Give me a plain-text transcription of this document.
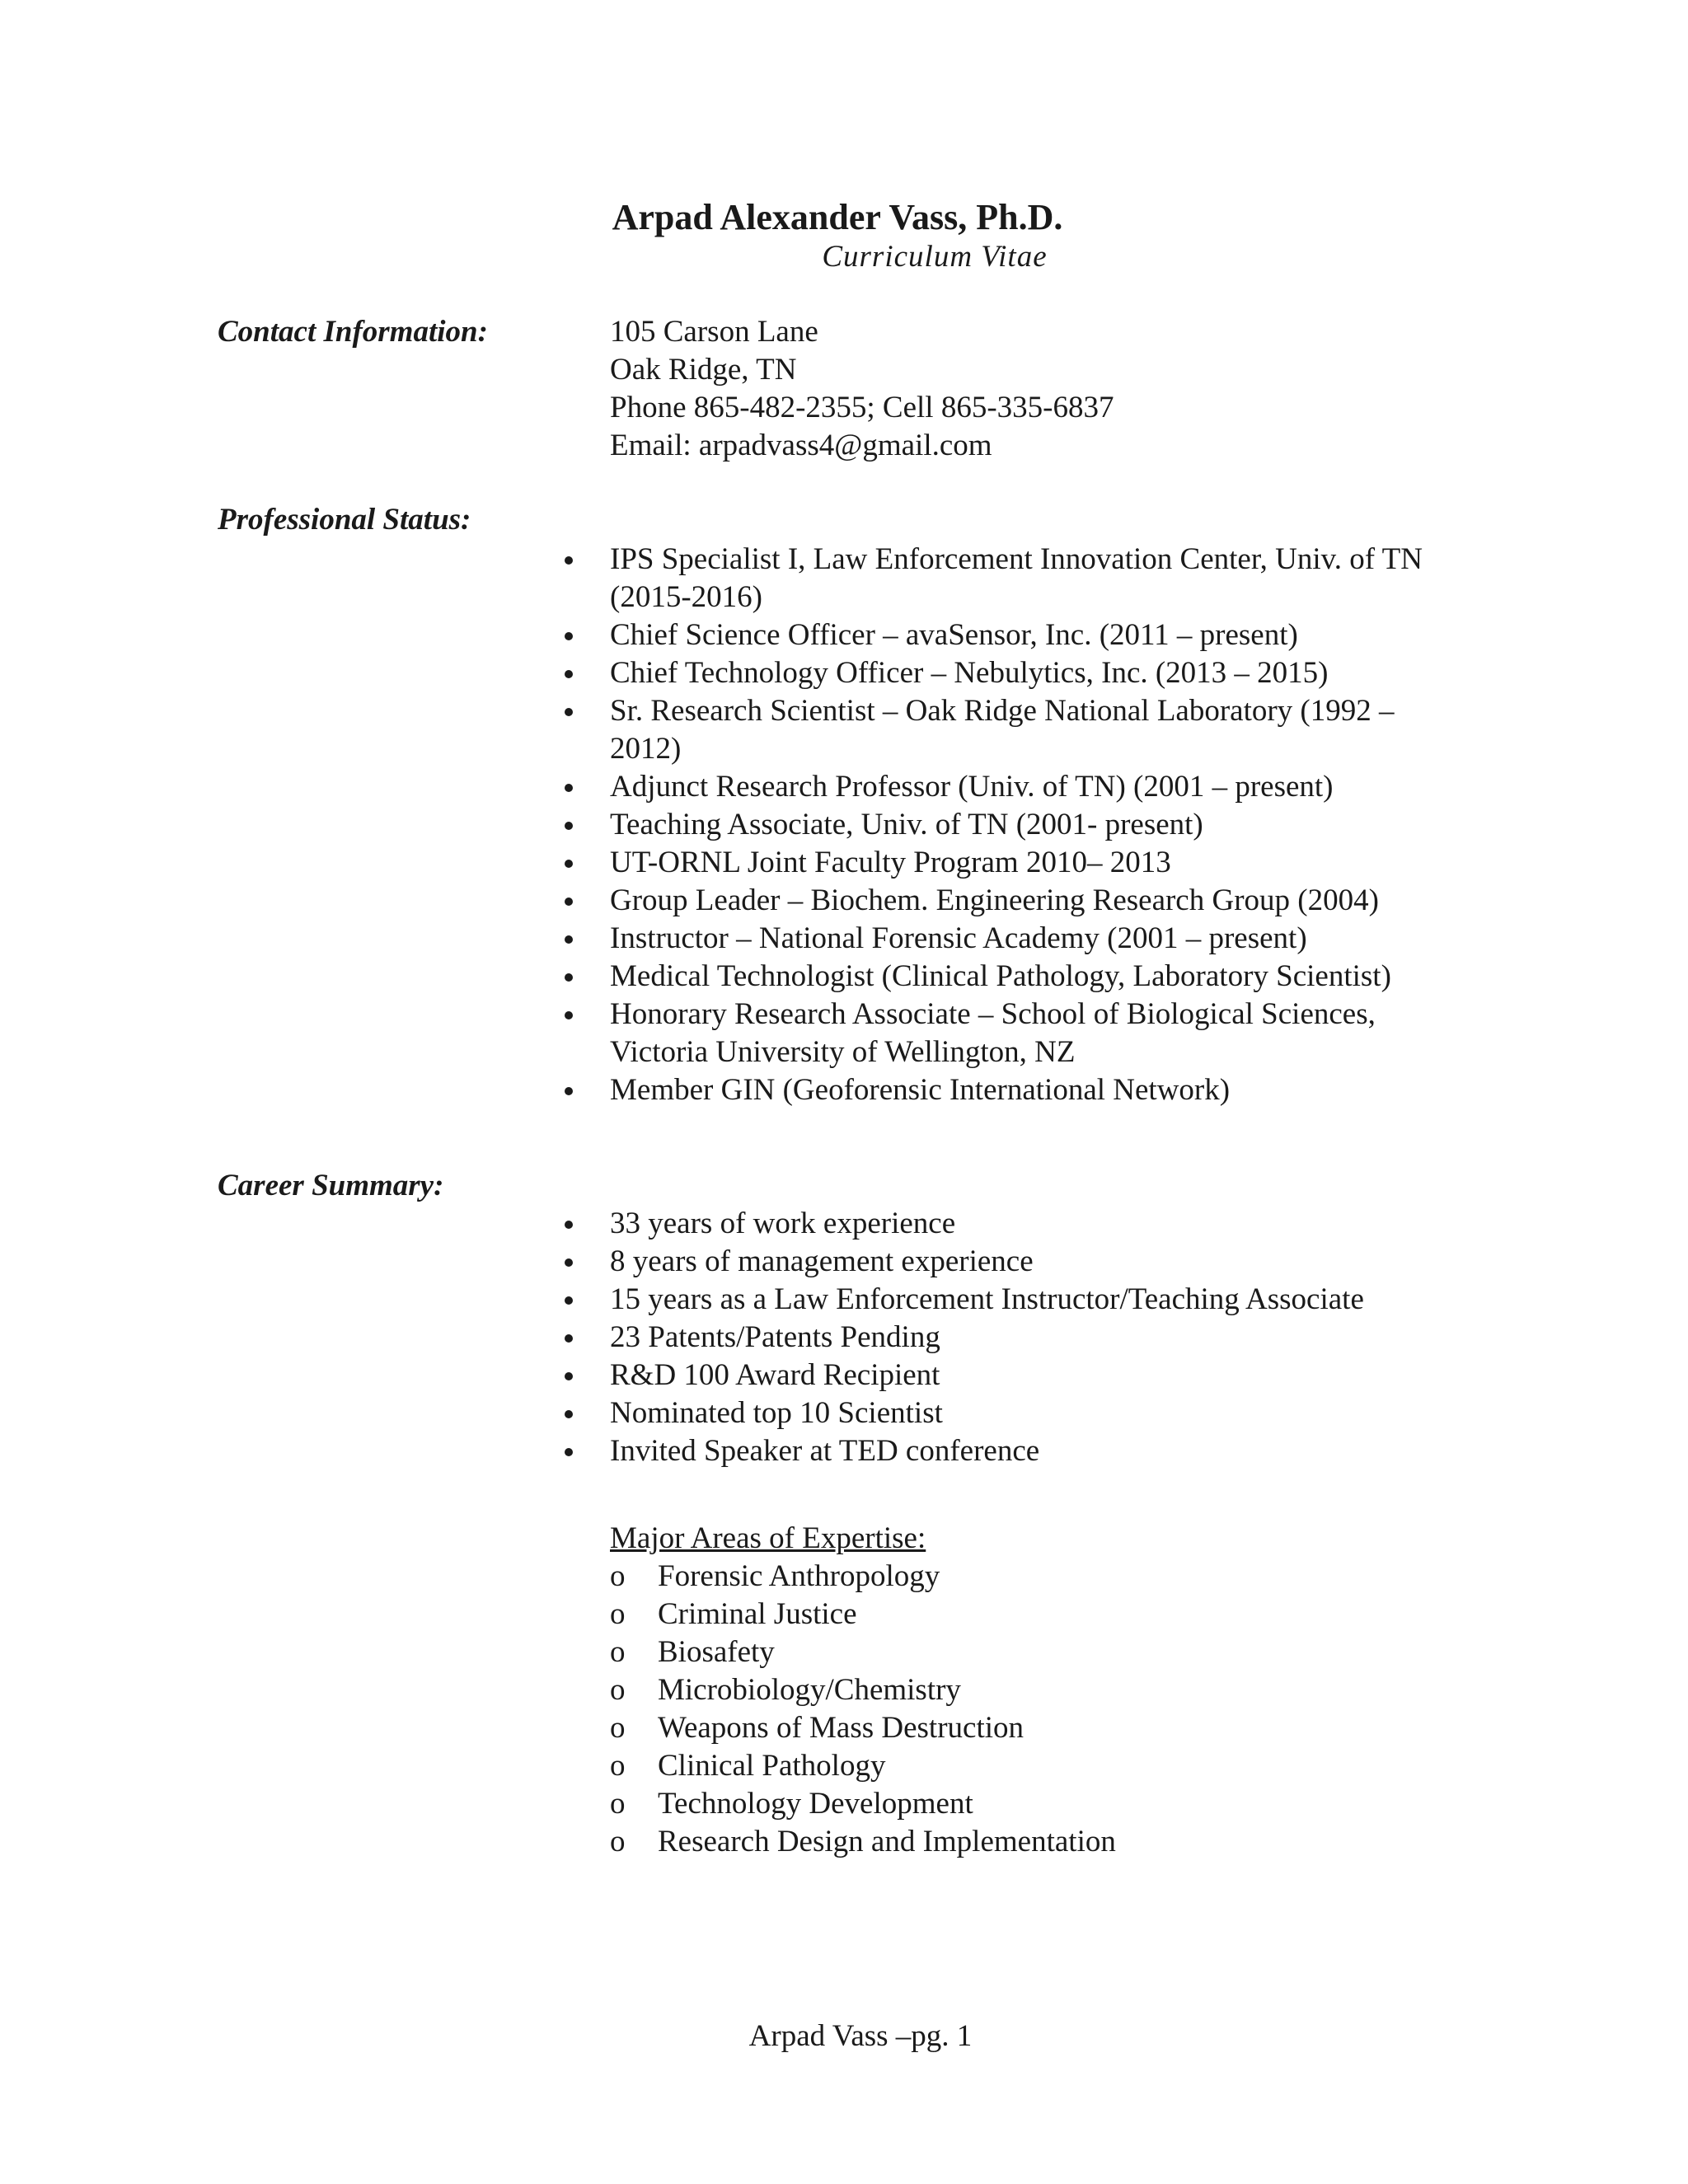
Arpad Alexander Vass, Ph.D.
Curriculum Vitae
Contact Information:	105 Carson Lane
Oak Ridge, TN
Phone 865-482-2355; Cell 865-335-6837
Email: arpadvass4@gmail.com
Professional Status:
IPS Specialist I, Law Enforcement Innovation Center, Univ. of TN (2015-2016)
Chief Science Officer – avaSensor, Inc. (2011 – present)
Chief Technology Officer – Nebulytics, Inc. (2013 – 2015)
Sr. Research Scientist – Oak Ridge National Laboratory (1992 – 2012)
Adjunct Research Professor (Univ. of TN) (2001 – present)
Teaching Associate, Univ. of TN (2001- present)
UT-ORNL Joint Faculty Program 2010– 2013
Group Leader – Biochem. Engineering Research Group (2004)
Instructor – National Forensic Academy (2001 – present)
Medical Technologist (Clinical Pathology, Laboratory Scientist)
Honorary Research Associate – School of Biological Sciences, Victoria University of Wellington, NZ
Member GIN (Geoforensic International Network)
Career Summary:
33 years of work experience
8 years of management experience
15 years as a Law Enforcement Instructor/Teaching Associate
23 Patents/Patents Pending
R&D 100 Award Recipient
Nominated top 10 Scientist
Invited Speaker at TED conference
Major Areas of Expertise:
o	Forensic Anthropology
o	Criminal Justice
o	Biosafety
o	Microbiology/Chemistry
o	Weapons of Mass Destruction
o	Clinical Pathology
o	Technology Development
o	Research Design and Implementation
Arpad Vass –pg. 1
